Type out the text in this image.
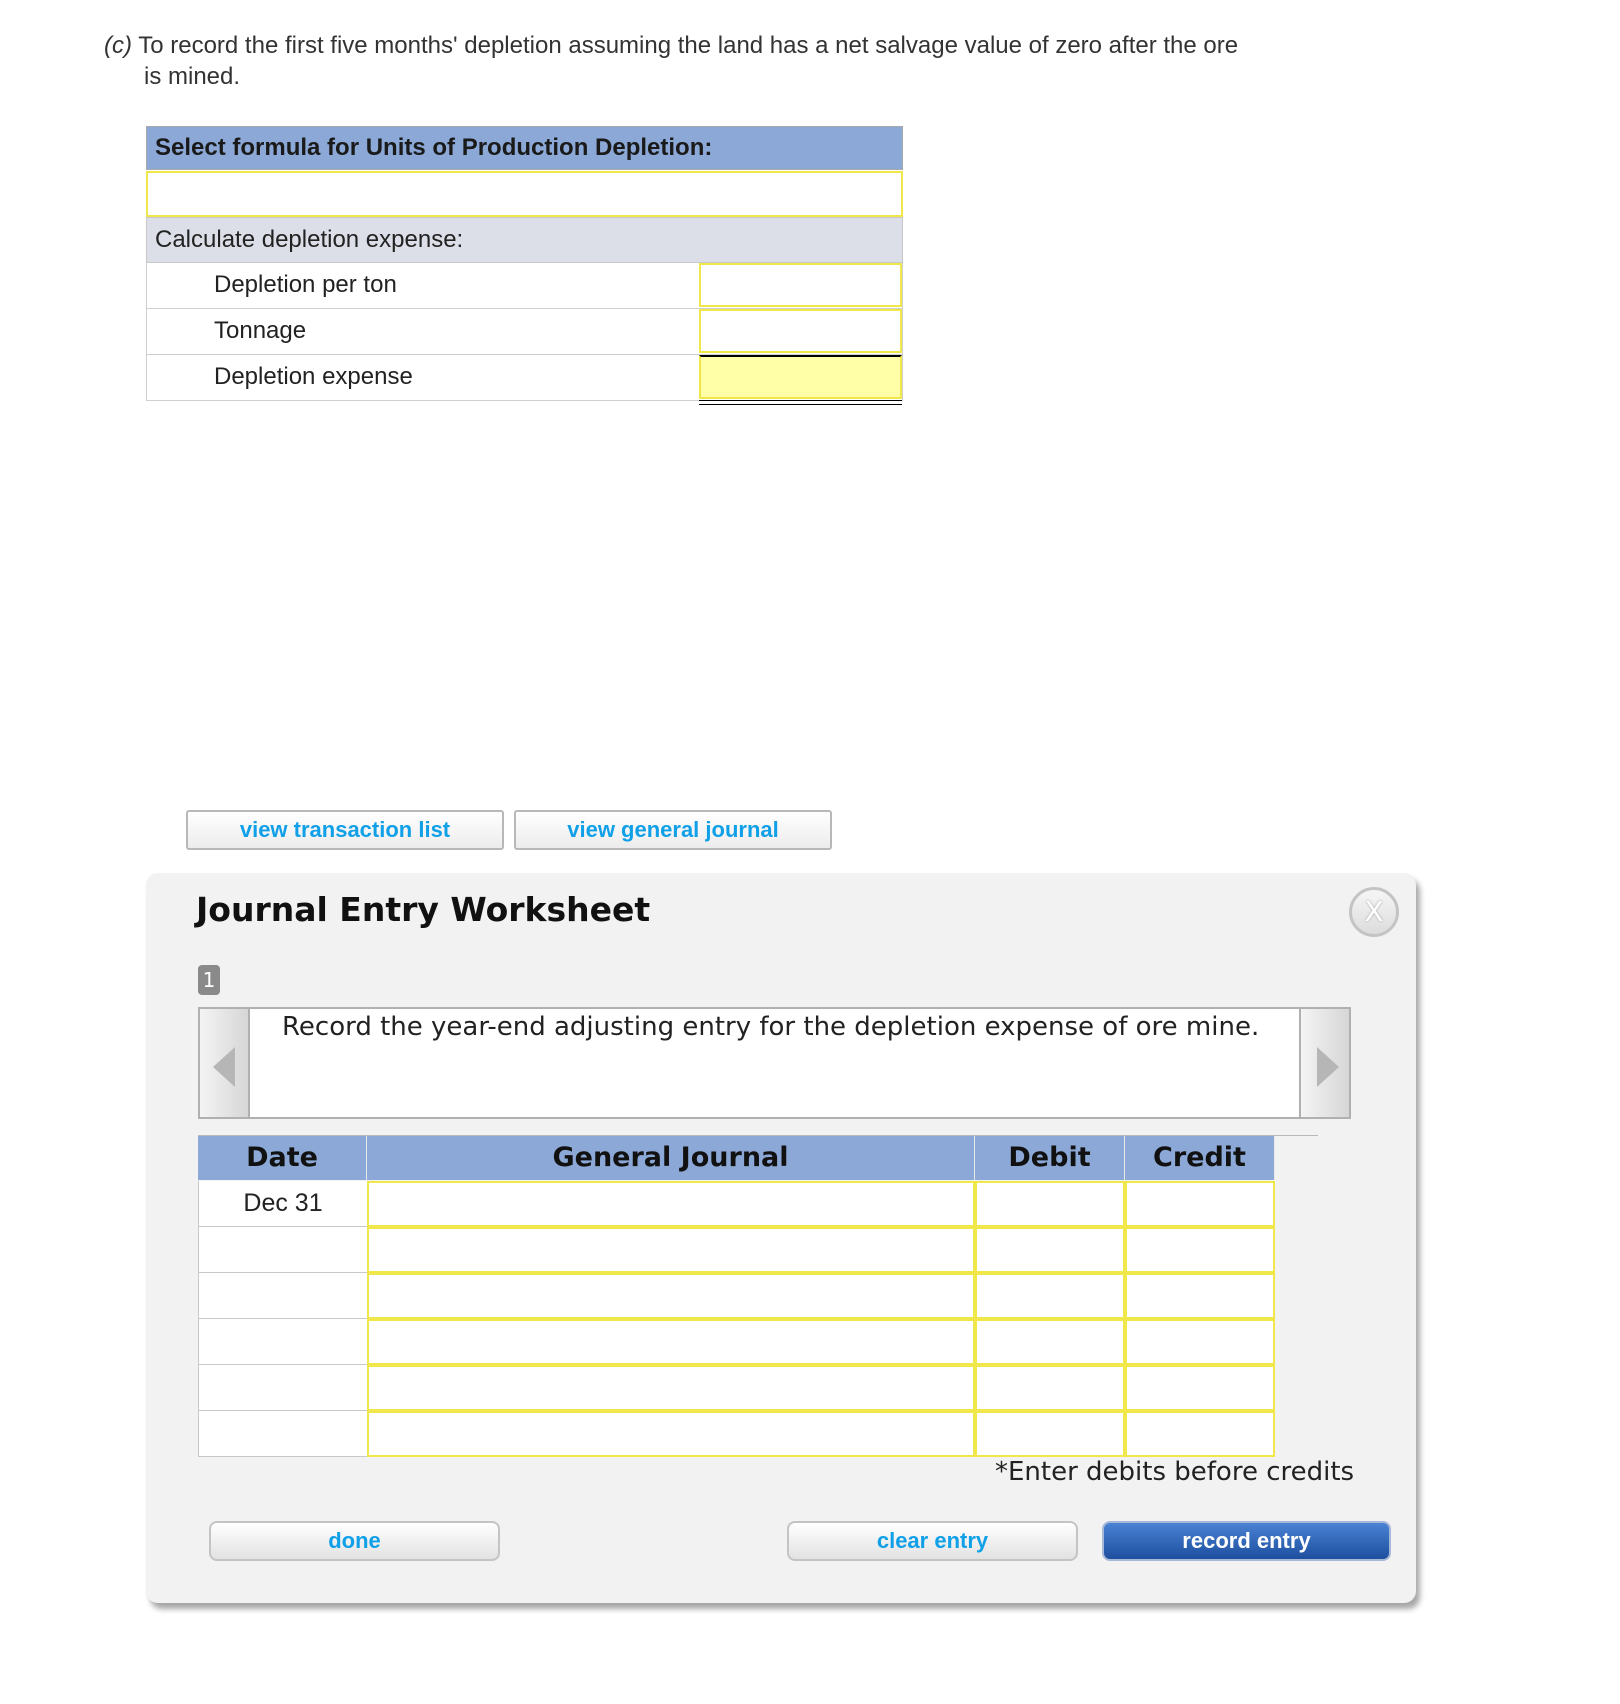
(c) To record the first five months' depletion assuming the land has a net salvage value of zero after the ore
is mined.
Select formula for Units of Production Depletion:
Calculate depletion expense:
Depletion per ton
Tonnage
Depletion expense
view transaction list	view general journal
Journal Entry Worksheet	X
1
Record the year-end adjusting entry for the depletion expense of ore mine.
Date	General Journal	Debit	Credit
Dec 31
*Enter debits before credits
done	clear entry	record entry
